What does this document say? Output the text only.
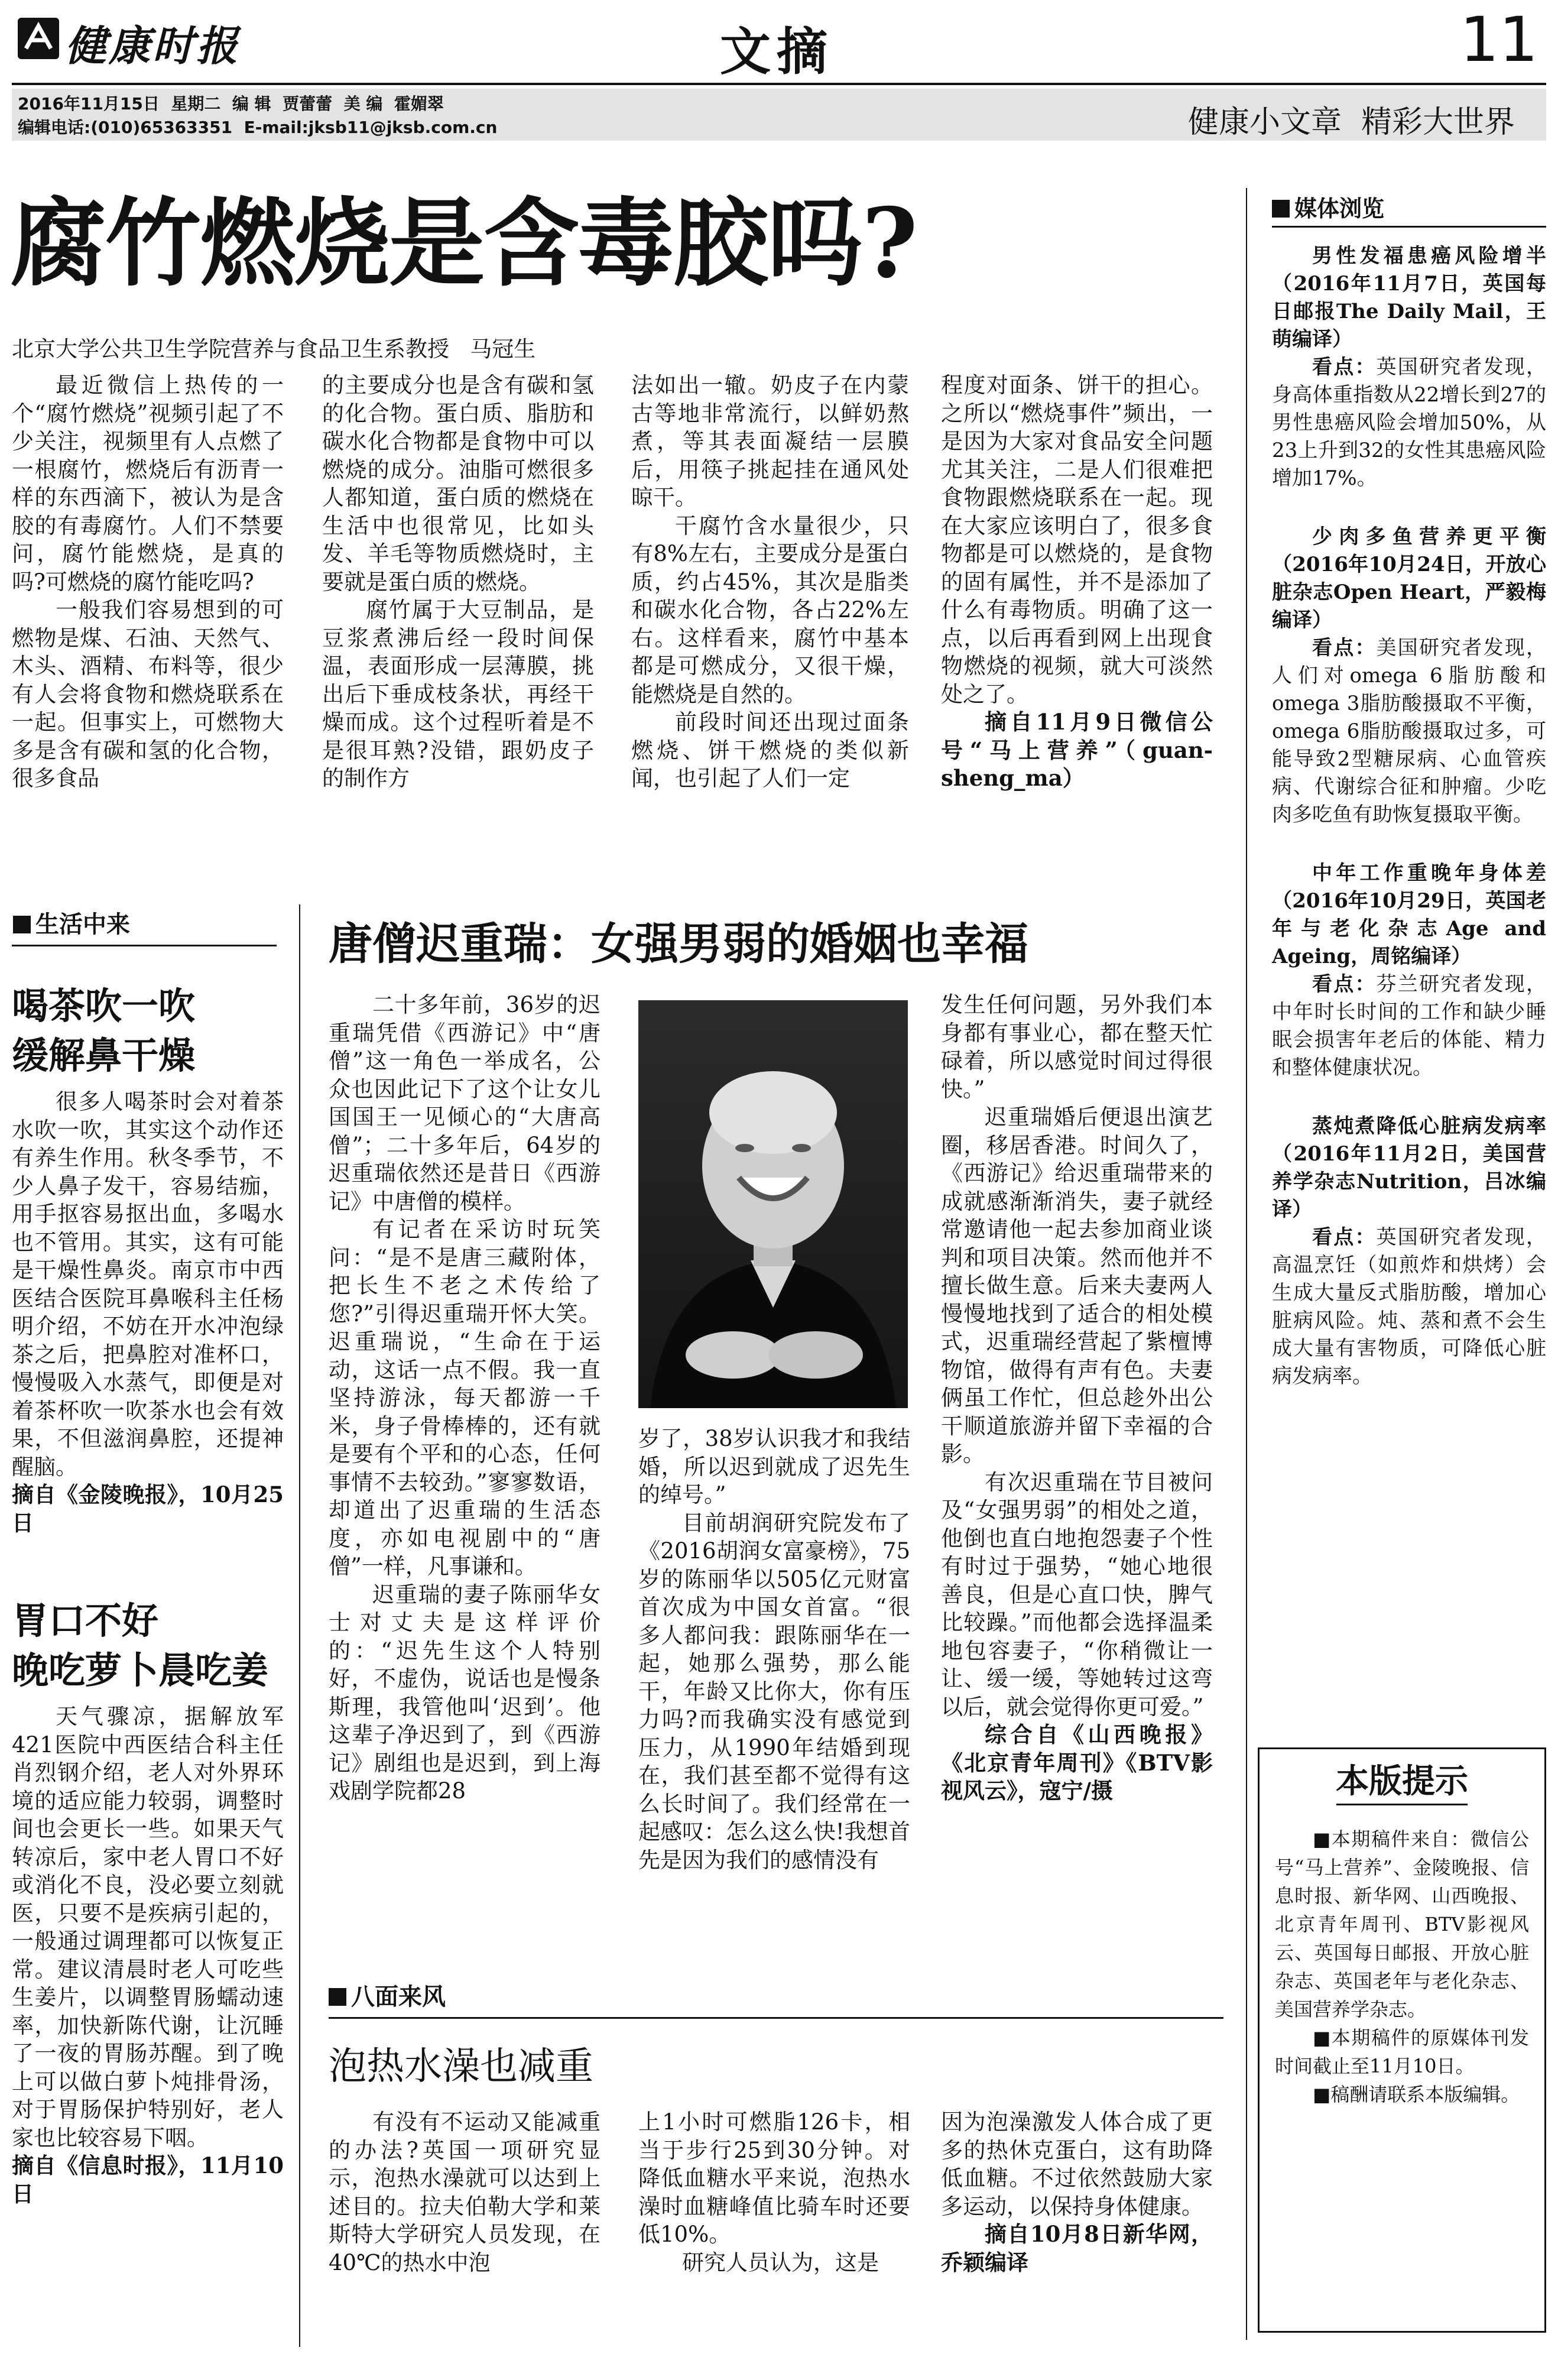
健康时报	文摘	11
2016年11月15日  星期二  编 辑  贾蕾蕾  美 编  霍媚翠
编辑电话:(010)65363351  E-mail:jksb11@jksb.com.cn	健康小文章  精彩大世界
腐竹燃烧是含毒胶吗?
北京大学公共卫生学院营养与食品卫生系教授   马冠生

最近微信上热传的一个“腐竹燃烧”视频引起了不少关注，视频里有人点燃了一根腐竹，燃烧后有沥青一样的东西滴下，被认为是含胶的有毒腐竹。人们不禁要问，腐竹能燃烧，是真的吗?可燃烧的腐竹能吃吗?

一般我们容易想到的可燃物是煤、石油、天然气、木头、酒精、布料等，很少有人会将食物和燃烧联系在一起。但事实上，可燃物大多是含有碳和氢的化合物，很多食品

的主要成分也是含有碳和氢的化合物。蛋白质、脂肪和碳水化合物都是食物中可以燃烧的成分。油脂可燃很多人都知道，蛋白质的燃烧在生活中也很常见，比如头发、羊毛等物质燃烧时，主要就是蛋白质的燃烧。

腐竹属于大豆制品，是豆浆煮沸后经一段时间保温，表面形成一层薄膜，挑出后下垂成枝条状，再经干燥而成。这个过程听着是不是很耳熟?没错，跟奶皮子的制作方

法如出一辙。奶皮子在内蒙古等地非常流行，以鲜奶熬煮，等其表面凝结一层膜后，用筷子挑起挂在通风处晾干。

干腐竹含水量很少，只有8%左右，主要成分是蛋白质，约占45%，其次是脂类和碳水化合物，各占22%左右。这样看来，腐竹中基本都是可燃成分，又很干燥，能燃烧是自然的。

前段时间还出现过面条燃烧、饼干燃烧的类似新闻，也引起了人们一定

程度对面条、饼干的担心。之所以“燃烧事件”频出，一是因为大家对食品安全问题尤其关注，二是人们很难把食物跟燃烧联系在一起。现在大家应该明白了，很多食物都是可以燃烧的，是食物的固有属性，并不是添加了什么有毒物质。明确了这一点，以后再看到网上出现食物燃烧的视频，就大可淡然处之了。

摘自11月9日微信公号“马上营养”（guan-sheng_ma）

生活中来
喝茶吹一吹
缓解鼻干燥

很多人喝茶时会对着茶水吹一吹，其实这个动作还有养生作用。秋冬季节，不少人鼻子发干，容易结痂，用手抠容易抠出血，多喝水也不管用。其实，这有可能是干燥性鼻炎。南京市中西医结合医院耳鼻喉科主任杨明介绍，不妨在开水冲泡绿茶之后，把鼻腔对准杯口，慢慢吸入水蒸气，即便是对着茶杯吹一吹茶水也会有效果，不但滋润鼻腔，还提神醒脑。

摘自《金陵晚报》，10月25日

胃口不好
晚吃萝卜晨吃姜

天气骤凉，据解放军421医院中西医结合科主任肖烈钢介绍，老人对外界环境的适应能力较弱，调整时间也会更长一些。如果天气转凉后，家中老人胃口不好或消化不良，没必要立刻就医，只要不是疾病引起的，一般通过调理都可以恢复正常。建议清晨时老人可吃些生姜片，以调整胃肠蠕动速率，加快新陈代谢，让沉睡了一夜的胃肠苏醒。到了晚上可以做白萝卜炖排骨汤，对于胃肠保护特别好，老人家也比较容易下咽。

摘自《信息时报》，11月10日

唐僧迟重瑞：女强男弱的婚姻也幸福

二十多年前，36岁的迟重瑞凭借《西游记》中“唐僧”这一角色一举成名，公众也因此记下了这个让女儿国国王一见倾心的“大唐高僧”；二十多年后，64岁的迟重瑞依然还是昔日《西游记》中唐僧的模样。

有记者在采访时玩笑问：“是不是唐三藏附体，把长生不老之术传给了您?”引得迟重瑞开怀大笑。迟重瑞说，“生命在于运动，这话一点不假。我一直坚持游泳，每天都游一千米，身子骨棒棒的，还有就是要有个平和的心态，任何事情不去较劲。”寥寥数语，却道出了迟重瑞的生活态度，亦如电视剧中的“唐僧”一样，凡事谦和。

迟重瑞的妻子陈丽华女士对丈夫是这样评价的：“迟先生这个人特别好，不虚伪，说话也是慢条斯理，我管他叫‘迟到’。他这辈子净迟到了，到《西游记》剧组也是迟到，到上海戏剧学院都28

岁了，38岁认识我才和我结婚，所以迟到就成了迟先生的绰号。”

目前胡润研究院发布了《2016胡润女富豪榜》，75岁的陈丽华以505亿元财富首次成为中国女首富。“很多人都问我：跟陈丽华在一起，她那么强势，那么能干，年龄又比你大，你有压力吗?而我确实没有感觉到压力，从1990年结婚到现在，我们甚至都不觉得有这么长时间了。我们经常在一起感叹：怎么这么快!我想首先是因为我们的感情没有

发生任何问题，另外我们本身都有事业心，都在整天忙碌着，所以感觉时间过得很快。”

迟重瑞婚后便退出演艺圈，移居香港。时间久了，《西游记》给迟重瑞带来的成就感渐渐消失，妻子就经常邀请他一起去参加商业谈判和项目决策。然而他并不擅长做生意。后来夫妻两人慢慢地找到了适合的相处模式，迟重瑞经营起了紫檀博物馆，做得有声有色。夫妻俩虽工作忙，但总趁外出公干顺道旅游并留下幸福的合影。

有次迟重瑞在节目被问及“女强男弱”的相处之道，他倒也直白地抱怨妻子个性有时过于强势，“她心地很善良，但是心直口快，脾气比较躁。”而他都会选择温柔地包容妻子，“你稍微让一让、缓一缓，等她转过这弯以后，就会觉得你更可爱。”

综合自《山西晚报》《北京青年周刊》《BTV影视风云》，寇宁/摄

八面来风
泡热水澡也减重

有没有不运动又能减重的办法?英国一项研究显示，泡热水澡就可以达到上述目的。拉夫伯勒大学和莱斯特大学研究人员发现，在40℃的热水中泡

上1小时可燃脂126卡，相当于步行25到30分钟。对降低血糖水平来说，泡热水澡时血糖峰值比骑车时还要低10%。

研究人员认为，这是

因为泡澡激发人体合成了更多的热休克蛋白，这有助降低血糖。不过依然鼓励大家多运动，以保持身体健康。

摘自10月8日新华网，乔颖编译

媒体浏览
男性发福患癌风险增半（2016年11月7日，英国每日邮报The Daily Mail，王萌编译）
看点：英国研究者发现，身高体重指数从22增长到27的男性患癌风险会增加50%，从23上升到32的女性其患癌风险增加17%。
少肉多鱼营养更平衡（2016年10月24日，开放心脏杂志Open Heart，严毅梅编译）
看点：美国研究者发现，人们对omega 6脂肪酸和omega 3脂肪酸摄取不平衡，omega 6脂肪酸摄取过多，可能导致2型糖尿病、心血管疾病、代谢综合征和肿瘤。少吃肉多吃鱼有助恢复摄取平衡。
中年工作重晚年身体差（2016年10月29日，英国老年与老化杂志Age and Ageing，周铭编译）
看点：芬兰研究者发现，中年时长时间的工作和缺少睡眠会损害年老后的体能、精力和整体健康状况。
蒸炖煮降低心脏病发病率（2016年11月2日，美国营养学杂志Nutrition，吕冰编译）
看点：英国研究者发现，高温烹饪（如煎炸和烘烤）会生成大量反式脂肪酸，增加心脏病风险。炖、蒸和煮不会生成大量有害物质，可降低心脏病发病率。
本版提示

■本期稿件来自：微信公号“马上营养”、金陵晚报、信息时报、新华网、山西晚报、北京青年周刊、BTV影视风云、英国每日邮报、开放心脏杂志、英国老年与老化杂志、美国营养学杂志。

■本期稿件的原媒体刊发时间截止至11月10日。

■稿酬请联系本版编辑。
